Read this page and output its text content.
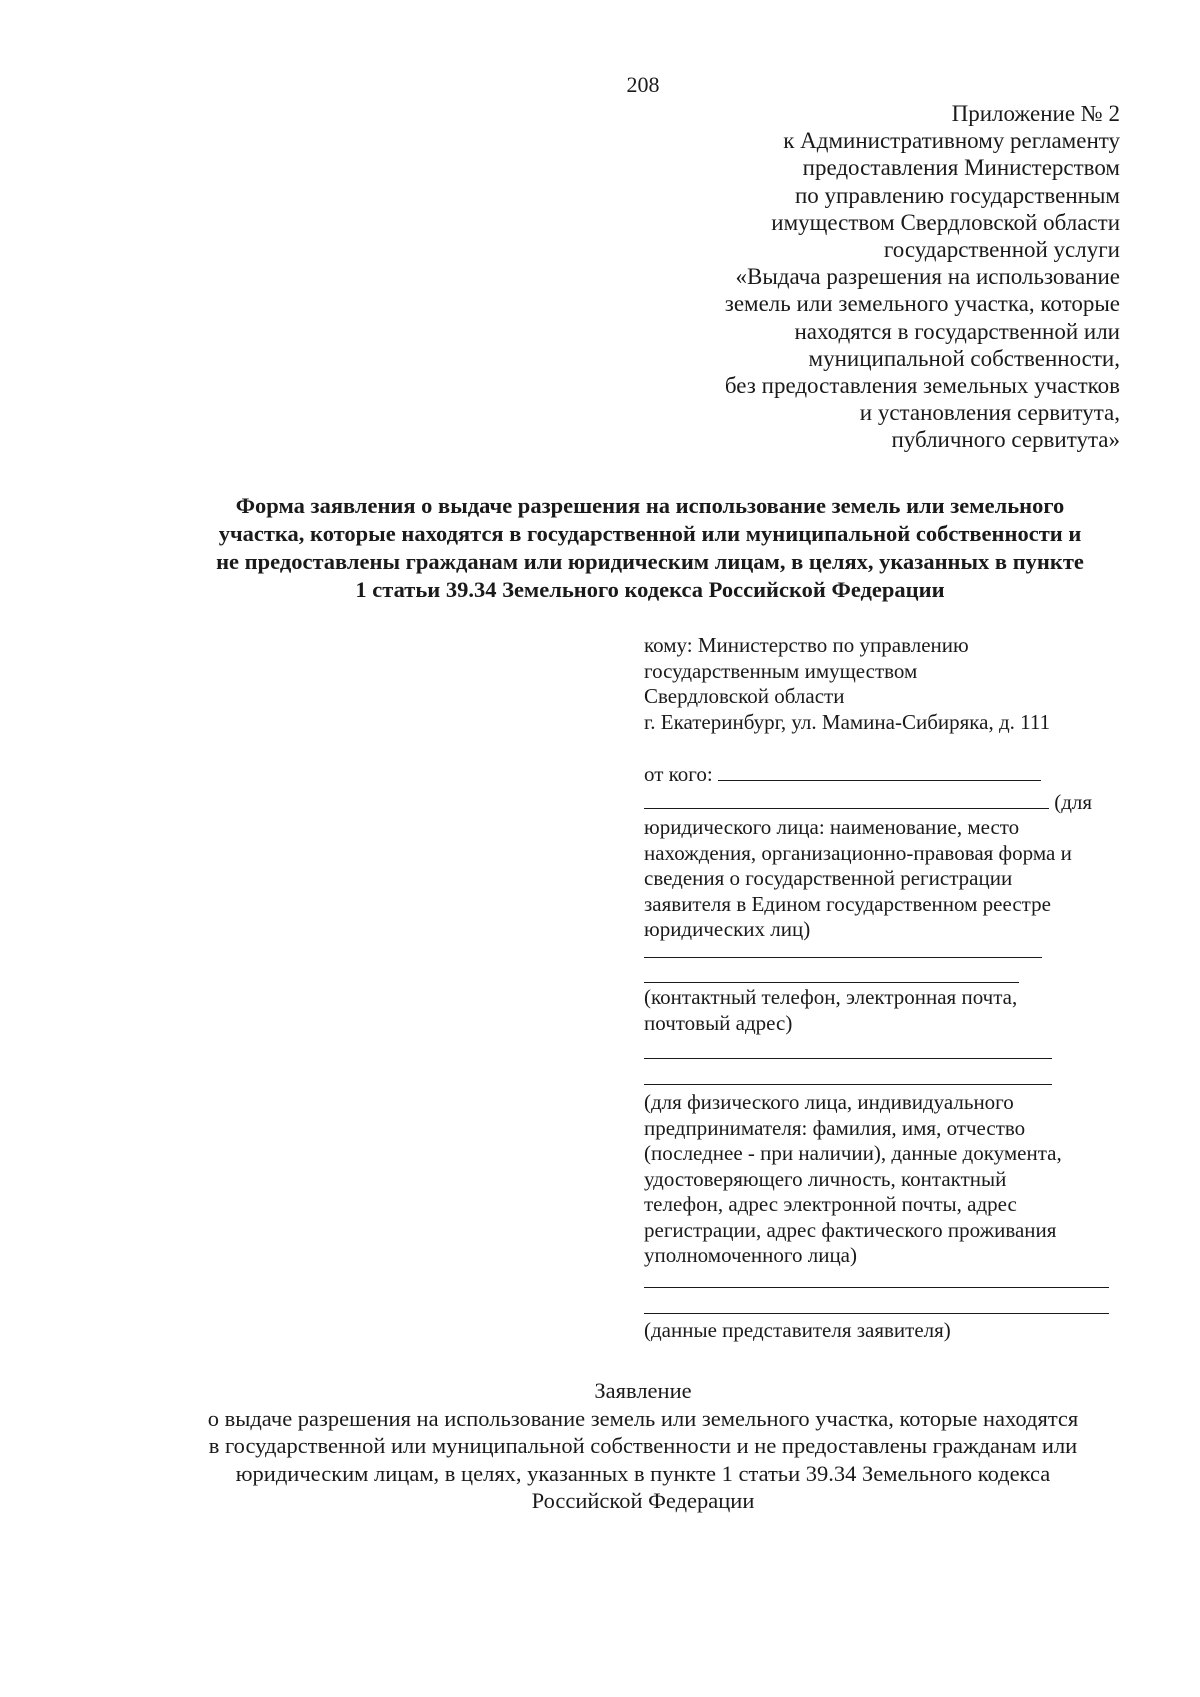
208
Приложение № 2
к Административному регламенту
предоставления Министерством
по управлению государственным
имуществом Свердловской области
государственной услуги
«Выдача разрешения на использование
земель или земельного участка, которые
находятся в государственной или
муниципальной собственности,
без предоставления земельных участков
и установления сервитута,
публичного сервитута»
Форма заявления о выдаче разрешения на использование земель или земельного
участка, которые находятся в государственной или муниципальной собственности и
не предоставлены гражданам или юридическим лицам, в целях, указанных в пункте
1 статьи 39.34 Земельного кодекса Российской Федерации
кому: Министерство по управлению
государственным имуществом
Свердловской области
г. Екатеринбург, ул. Мамина-Сибиряка, д. 111
от кого:
(для
юридического лица: наименование, место
нахождения, организационно-правовая форма и
сведения о государственной регистрации
заявителя в Едином государственном реестре
юридических лиц)
(контактный телефон, электронная почта,
почтовый адрес)
(для физического лица, индивидуального
предпринимателя: фамилия, имя, отчество
(последнее - при наличии), данные документа,
удостоверяющего личность, контактный
телефон, адрес электронной почты, адрес
регистрации, адрес фактического проживания
уполномоченного лица)
(данные представителя заявителя)
Заявление
о выдаче разрешения на использование земель или земельного участка, которые находятся
в государственной или муниципальной собственности и не предоставлены гражданам или
юридическим лицам, в целях, указанных в пункте 1 статьи 39.34 Земельного кодекса
Российской Федерации
